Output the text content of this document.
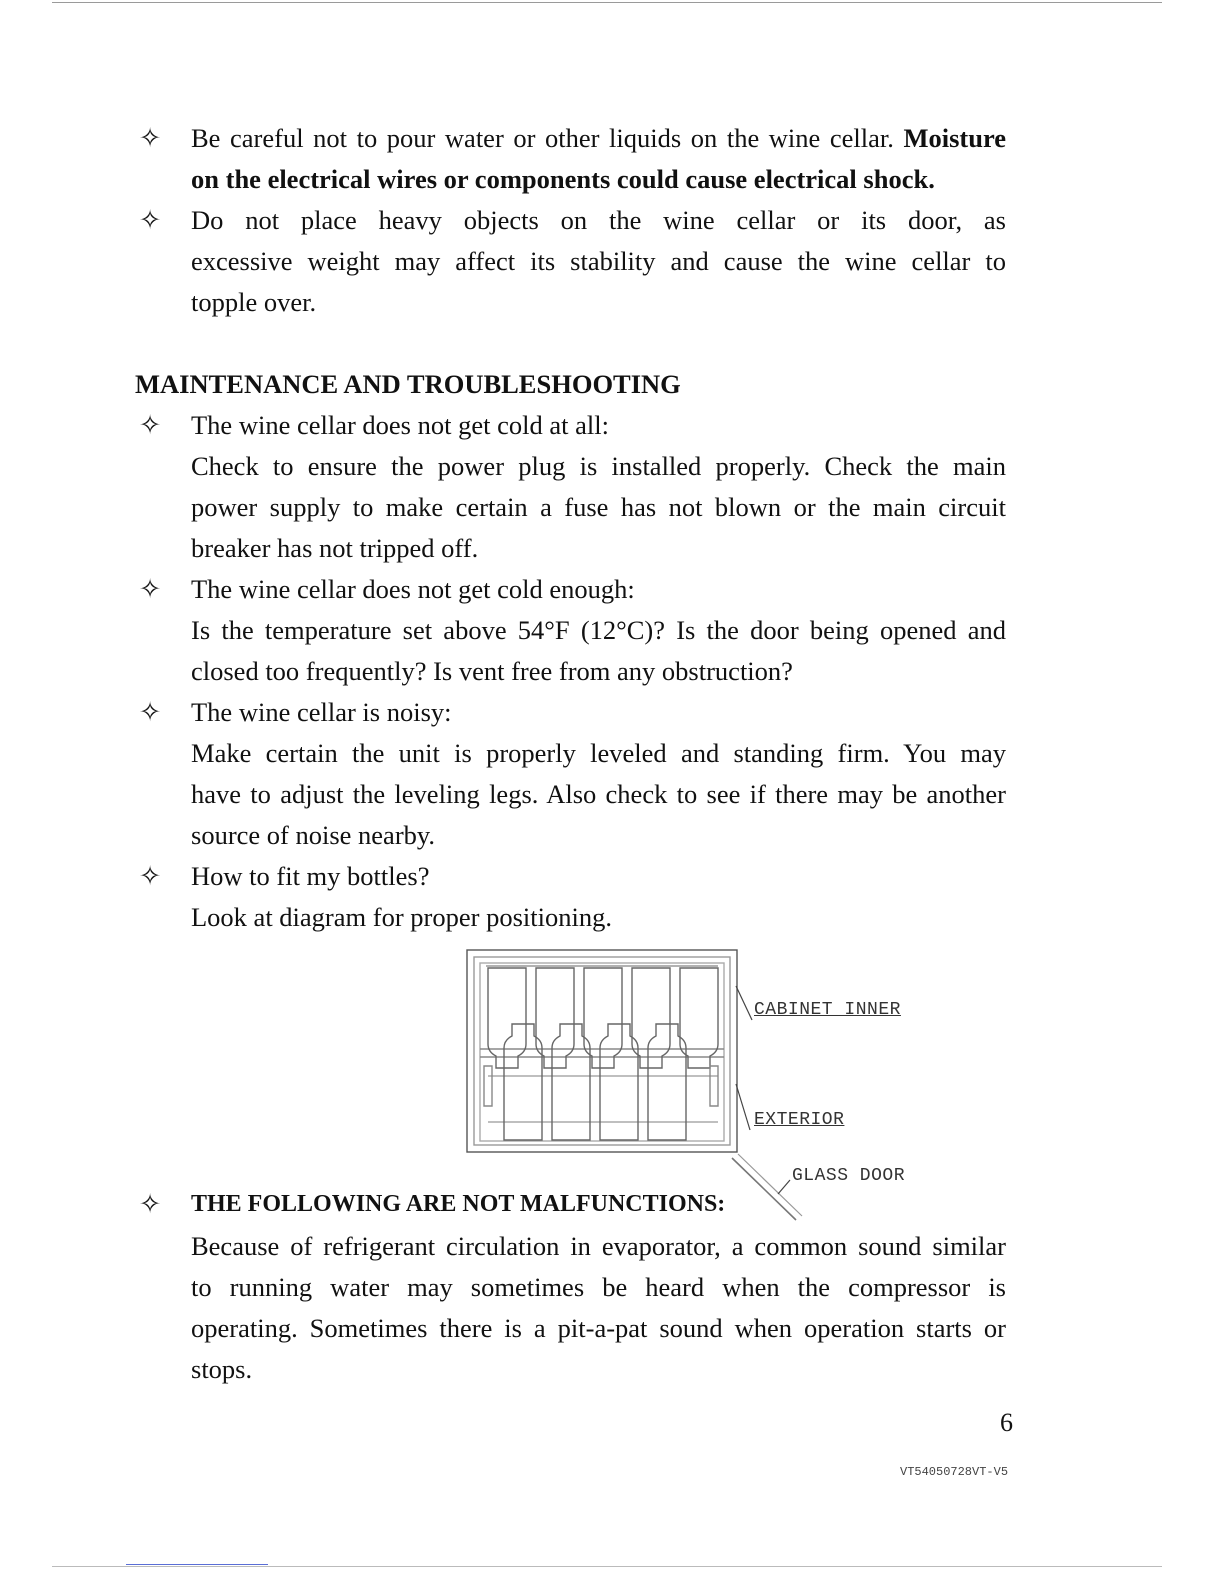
✧ Be careful not to pour water or other liquids on the wine cellar. Moisture
on the electrical wires or components could cause electrical shock.
✧ Do not place heavy objects on the wine cellar or its door, as
excessive weight may affect its stability and cause the wine cellar to
topple over.
MAINTENANCE AND TROUBLESHOOTING
✧ The wine cellar does not get cold at all:
Check to ensure the power plug is installed properly. Check the main
power supply to make certain a fuse has not blown or the main circuit
breaker has not tripped off.
✧ The wine cellar does not get cold enough:
Is the temperature set above 54°F (12°C)? Is the door being opened and
closed too frequently? Is vent free from any obstruction?
✧ The wine cellar is noisy:
Make certain the unit is properly leveled and standing firm. You may
have to adjust the leveling legs. Also check to see if there may be another
source of noise nearby.
✧ How to fit my bottles?
Look at diagram for proper positioning.
CABINET INNER
EXTERIOR
GLASS DOOR
✧ THE FOLLOWING ARE NOT MALFUNCTIONS:
Because of refrigerant circulation in evaporator, a common sound similar
to running water may sometimes be heard when the compressor is
operating. Sometimes there is a pit-a-pat sound when operation starts or
stops.
6
VT54050728VT-V5
